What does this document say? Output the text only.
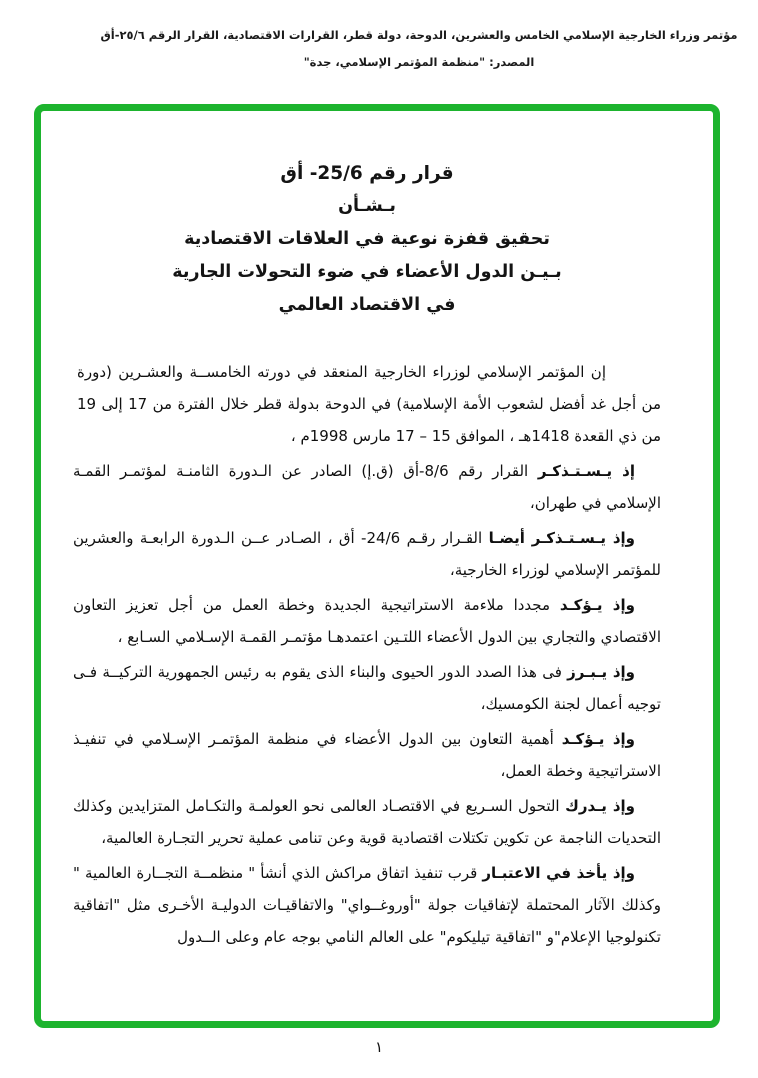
مؤتمر وزراء الخارجية الإسلامي الخامس والعشرين، الدوحة، دولة قطر، القرارات الاقتصادية، القرار الرقم ٢٥/٦-أق
المصدر: "منظمة المؤتمر الإسلامي، جدة"
قرار رقم 25/6- أق
بـشـأن
تحقيق قفزة نوعية في العلاقات الاقتصادية
بـيـن الدول الأعضاء في ضوء التحولات الجارية
في الاقتصاد العالمي

إن المؤتمر الإسلامي لوزراء الخارجية المنعقد في دورته الخامســة والعشـرين (دورة من أجل غد أفضل لشعوب الأمة الإسلامية) في الدوحة بدولة قطر خلال الفترة من 17 إلى 19 من ذي القعدة 1418هـ ، الموافق 15 – 17 مارس 1998م ،

إذ يـسـتـذكـر القرار رقم 8/6-أق (ق.إ) الصادر عن الـدورة الثامنـة لمؤتمـر القمـة الإسلامي في طهران،

وإذ يـسـتـذكـر أيضـا القـرار رقـم 24/6- أق ، الصـادر عــن الـدورة الرابعـة والعشرين للمؤتمر الإسلامي لوزراء الخارجية،

وإذ يـؤكـد مجددا ملاءمة الاستراتيجية الجديدة وخطة العمل من أجل تعزيز التعاون الاقتصادي والتجاري بين الدول الأعضاء اللتـين اعتمدهـا مؤتمـر القمـة الإسـلامي السـابع ،

وإذ يـبـرز فى هذا الصدد الدور الحيوى والبناء الذى يقوم به رئيس الجمهورية التركيــة فـى توجيه أعمال لجنة الكومسيك،

وإذ يـؤكـد أهمية التعاون بين الدول الأعضاء في منظمة المؤتمـر الإسـلامي في تنفيـذ الاستراتيجية وخطة العمل،

وإذ يـدرك التحول السـريع في الاقتصـاد العالمى نحو العولمـة والتكـامل المتزايدين وكذلك التحديات الناجمة عن تكوين تكتلات اقتصادية قوية وعن تنامى عملية تحرير التجـارة العالمية،

وإذ يأخذ في الاعتبـار قرب تنفيذ اتفاق مراكش الذي أنشأ " منظمــة التجــارة العالمية " وكذلك الآثار المحتملة لإتفاقيات جولة "أوروغــواي" والاتفاقيـات الدوليـة الأخـرى مثل "اتفاقية تكنولوجيا الإعلام"و "اتفاقية تيليكوم" على العالم النامي بوجه عام وعلى الــدول

١
